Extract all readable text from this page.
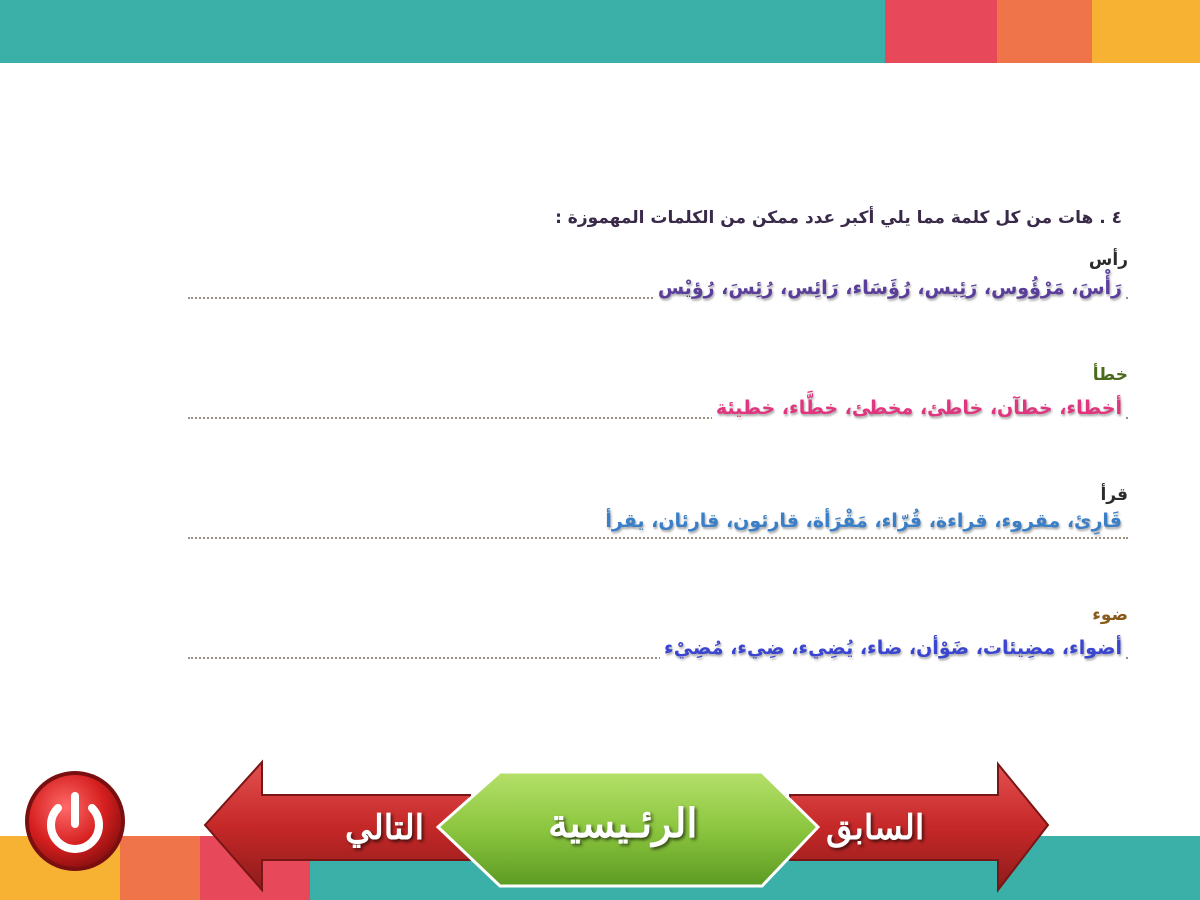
٤ . هات من كل كلمة مما يلي أكبر عدد ممكن من الكلمات المهموزة :
رأس
رَأْسَ، مَرْؤُوس، رَئِيس، رُؤَسَاء، رَائِس، رُئِسَ، رُؤيْس
خطأ
أخطاء، خطآن، خاطئ، مخطئ، خطَّاء، خطيئة
قرأ
قَارِئ، مقروء، قراءة، قُرّاء، مَقْرَأة، قارئون، قارئان، يقرأ
ضوء
أضواء، مضِيئات، ضَوْأن، ضاء، يُضِيء، ضِيء، مُضِيْء
التالي	الرئـيسية	السابق
